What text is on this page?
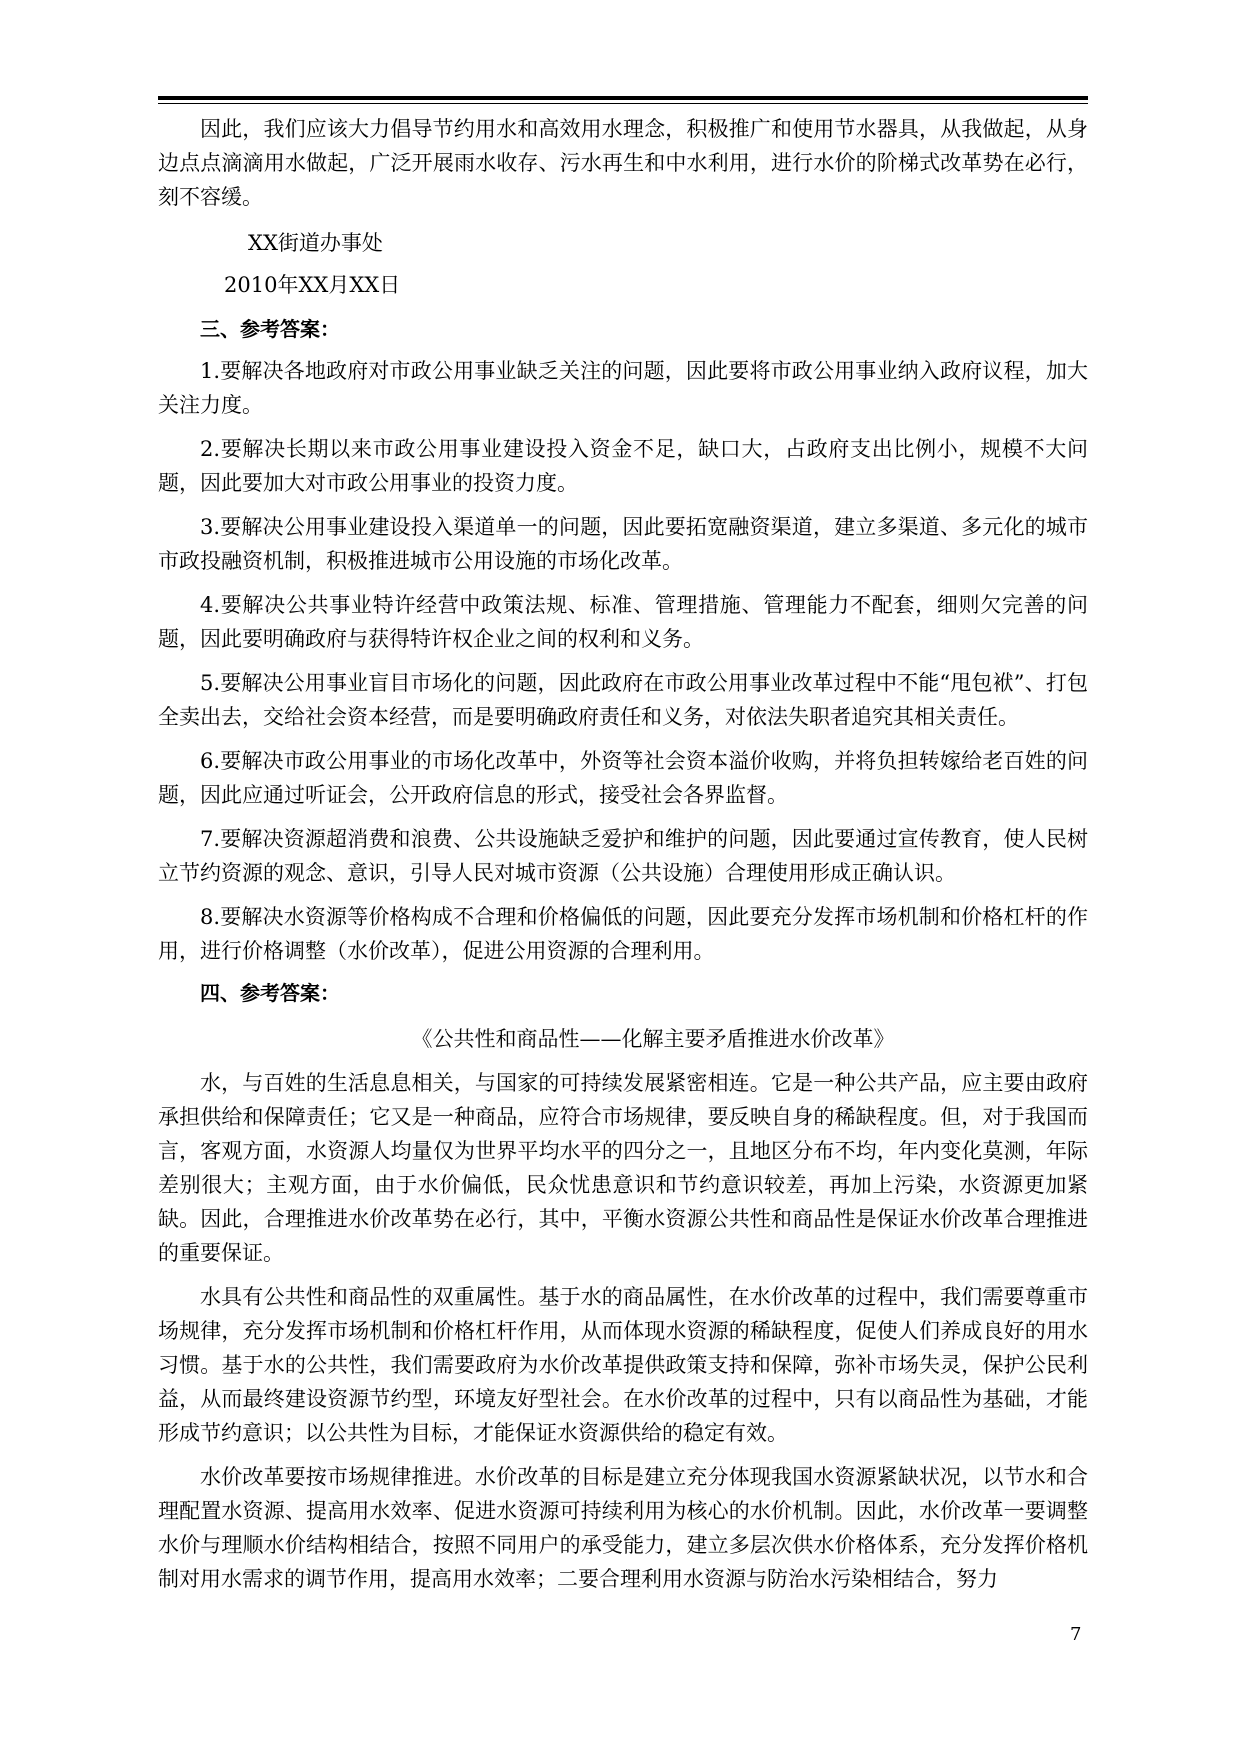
因此，我们应该大力倡导节约用水和高效用水理念，积极推广和使用节水器具，从我做起，从身边点点滴滴用水做起，广泛开展雨水收存、污水再生和中水利用，进行水价的阶梯式改革势在必行，刻不容缓。

XX街道办事处
2010年XX月XX日
三、参考答案：

1.要解决各地政府对市政公用事业缺乏关注的问题，因此要将市政公用事业纳入政府议程，加大关注力度。

2.要解决长期以来市政公用事业建设投入资金不足，缺口大，占政府支出比例小，规模不大问题，因此要加大对市政公用事业的投资力度。

3.要解决公用事业建设投入渠道单一的问题，因此要拓宽融资渠道，建立多渠道、多元化的城市市政投融资机制，积极推进城市公用设施的市场化改革。

4.要解决公共事业特许经营中政策法规、标准、管理措施、管理能力不配套，细则欠完善的问题，因此要明确政府与获得特许权企业之间的权利和义务。

5.要解决公用事业盲目市场化的问题，因此政府在市政公用事业改革过程中不能“甩包袱”、打包全卖出去，交给社会资本经营，而是要明确政府责任和义务，对依法失职者追究其相关责任。

6.要解决市政公用事业的市场化改革中，外资等社会资本溢价收购，并将负担转嫁给老百姓的问题，因此应通过听证会，公开政府信息的形式，接受社会各界监督。

7.要解决资源超消费和浪费、公共设施缺乏爱护和维护的问题，因此要通过宣传教育，使人民树立节约资源的观念、意识，引导人民对城市资源（公共设施）合理使用形成正确认识。

8.要解决水资源等价格构成不合理和价格偏低的问题，因此要充分发挥市场机制和价格杠杆的作用，进行价格调整（水价改革），促进公用资源的合理利用。

四、参考答案：
《公共性和商品性——化解主要矛盾推进水价改革》

水，与百姓的生活息息相关，与国家的可持续发展紧密相连。它是一种公共产品，应主要由政府承担供给和保障责任；它又是一种商品，应符合市场规律，要反映自身的稀缺程度。但，对于我国而言，客观方面，水资源人均量仅为世界平均水平的四分之一，且地区分布不均，年内变化莫测，年际差别很大；主观方面，由于水价偏低，民众忧患意识和节约意识较差，再加上污染，水资源更加紧缺。因此，合理推进水价改革势在必行，其中，平衡水资源公共性和商品性是保证水价改革合理推进的重要保证。

水具有公共性和商品性的双重属性。基于水的商品属性，在水价改革的过程中，我们需要尊重市场规律，充分发挥市场机制和价格杠杆作用，从而体现水资源的稀缺程度，促使人们养成良好的用水习惯。基于水的公共性，我们需要政府为水价改革提供政策支持和保障，弥补市场失灵，保护公民利益，从而最终建设资源节约型，环境友好型社会。在水价改革的过程中，只有以商品性为基础，才能形成节约意识；以公共性为目标，才能保证水资源供给的稳定有效。

水价改革要按市场规律推进。水价改革的目标是建立充分体现我国水资源紧缺状况，以节水和合理配置水资源、提高用水效率、促进水资源可持续利用为核心的水价机制。因此，水价改革一要调整水价与理顺水价结构相结合，按照不同用户的承受能力，建立多层次供水价格体系，充分发挥价格机制对用水需求的调节作用，提高用水效率；二要合理利用水资源与防治水污染相结合，努力

7
